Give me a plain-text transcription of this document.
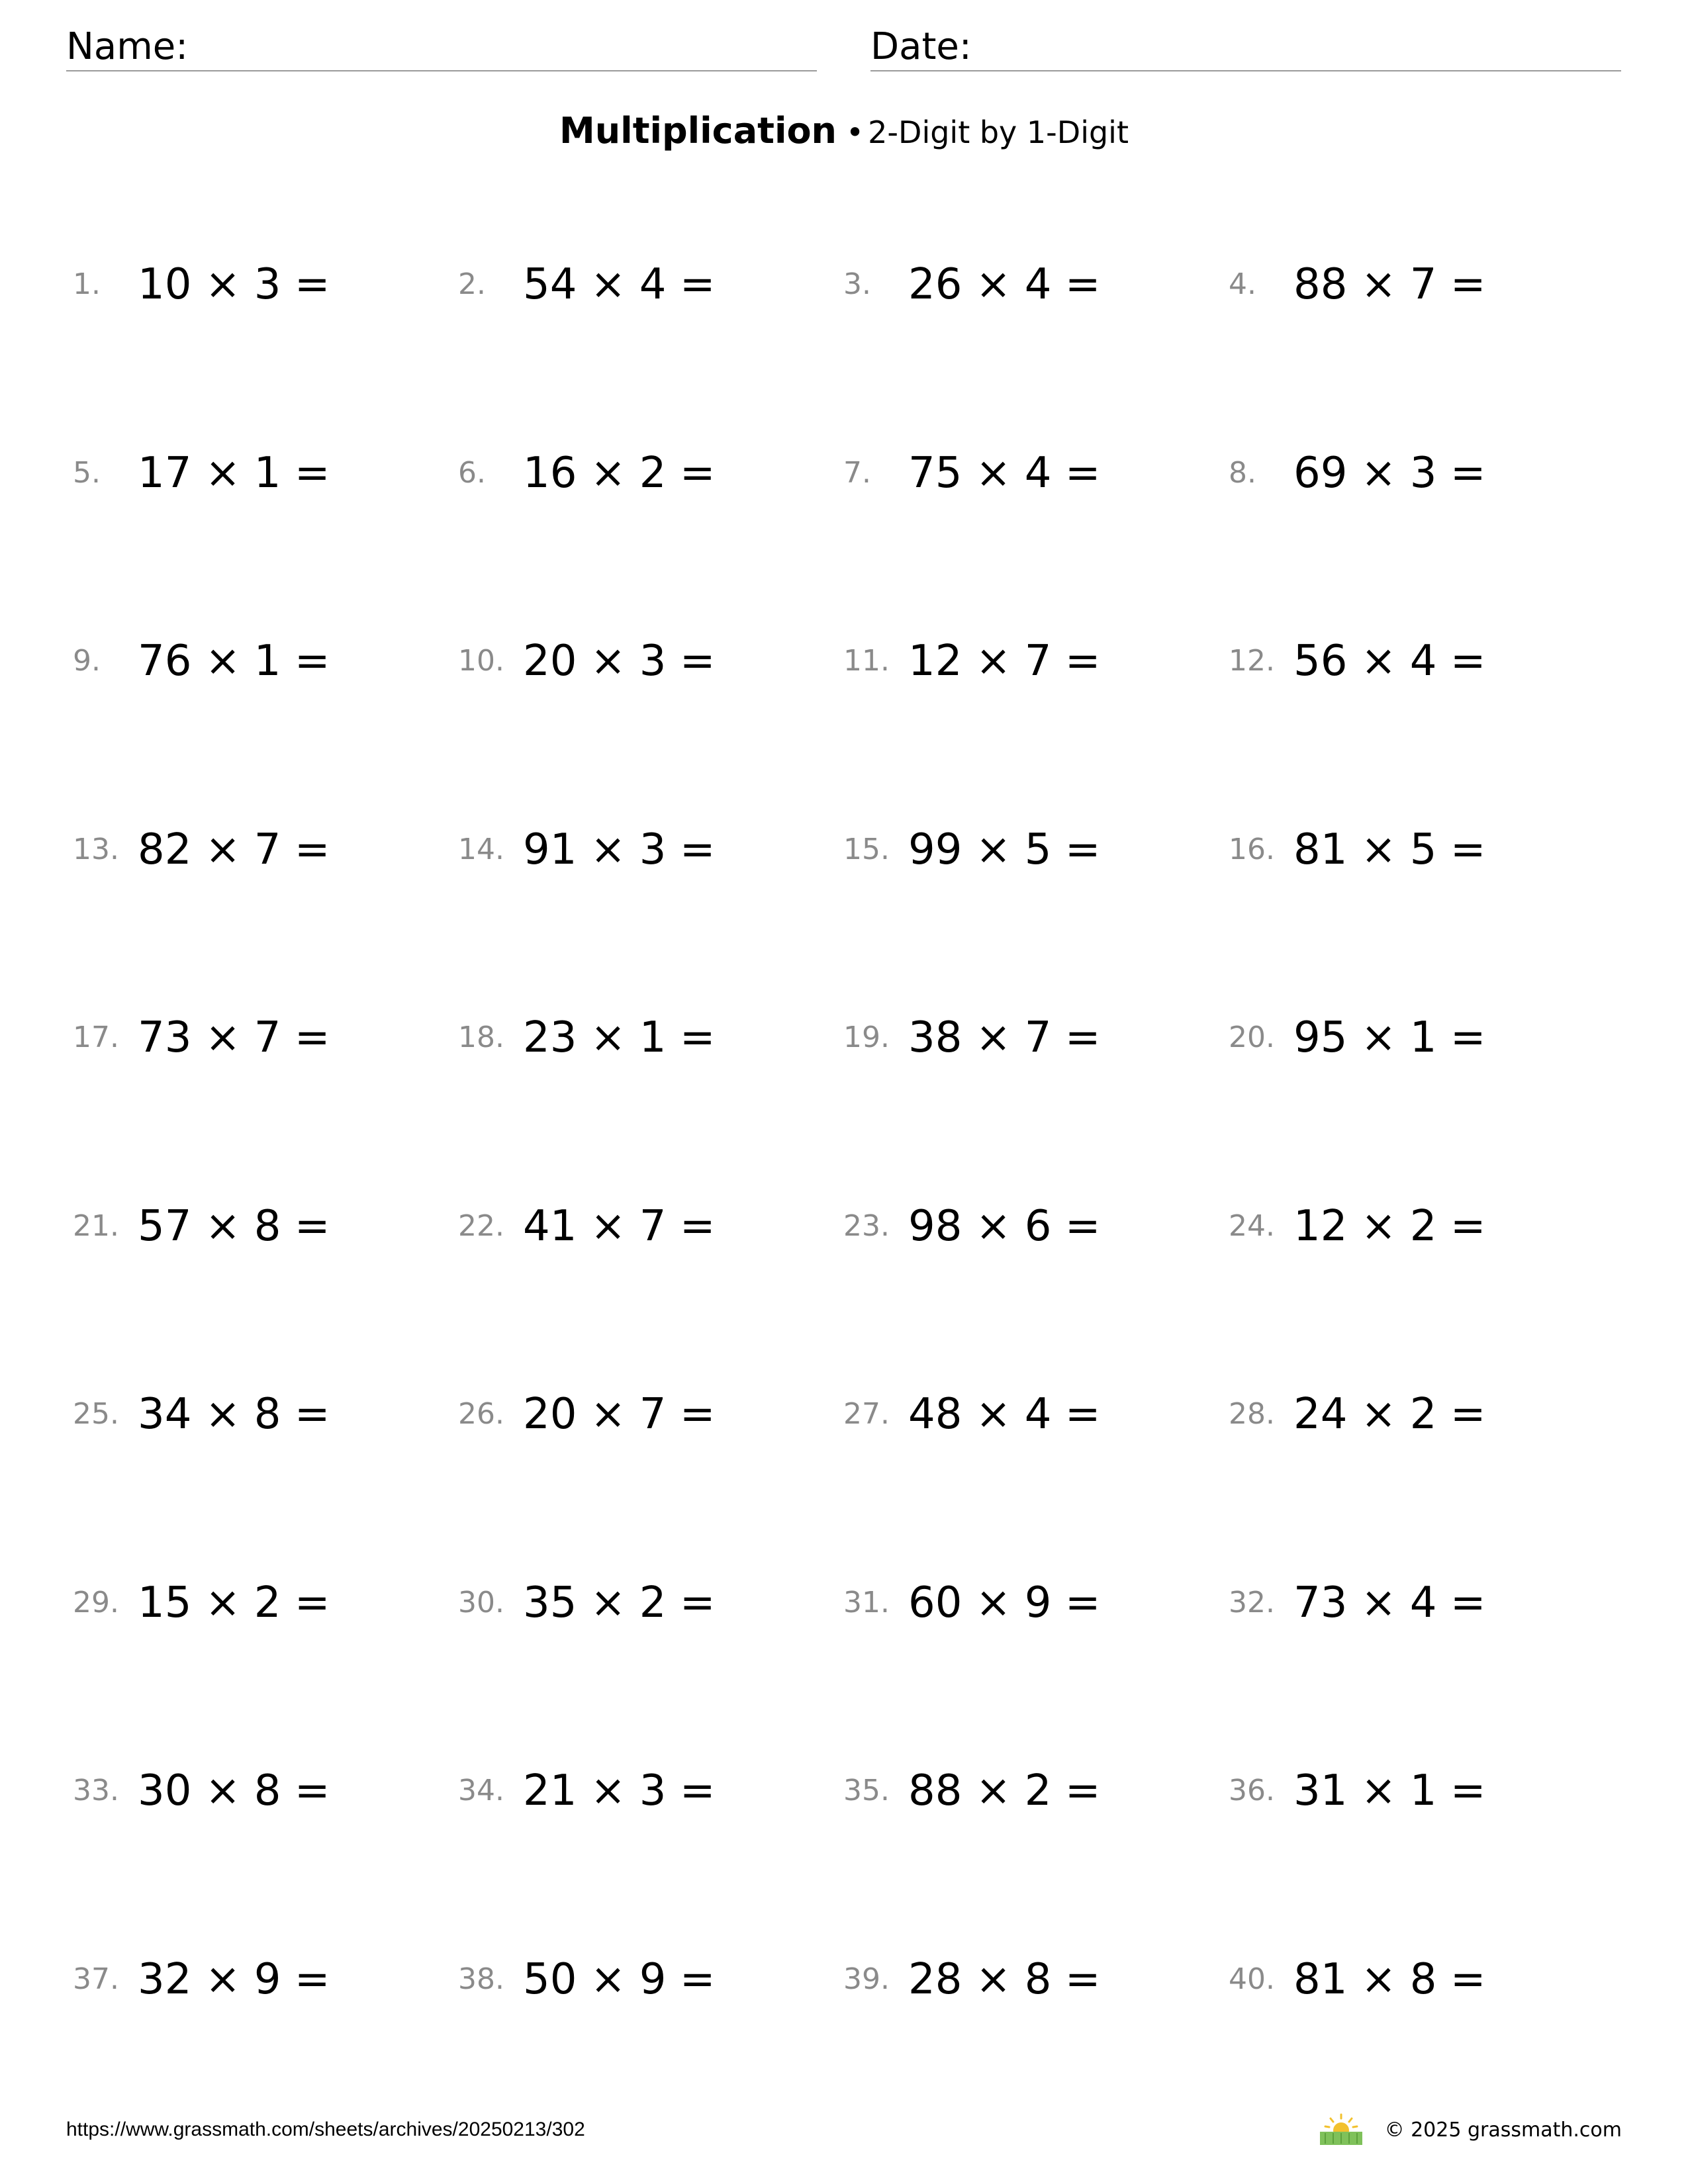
Name:	Date:
Multiplication • 2-Digit by 1-Digit
1. 10 × 3 =	2. 54 × 4 =	3. 26 × 4 =	4. 88 × 7 =
5. 17 × 1 =	6. 16 × 2 =	7. 75 × 4 =	8. 69 × 3 =
9. 76 × 1 =	10. 20 × 3 =	11. 12 × 7 =	12. 56 × 4 =
13. 82 × 7 =	14. 91 × 3 =	15. 99 × 5 =	16. 81 × 5 =
17. 73 × 7 =	18. 23 × 1 =	19. 38 × 7 =	20. 95 × 1 =
21. 57 × 8 =	22. 41 × 7 =	23. 98 × 6 =	24. 12 × 2 =
25. 34 × 8 =	26. 20 × 7 =	27. 48 × 4 =	28. 24 × 2 =
29. 15 × 2 =	30. 35 × 2 =	31. 60 × 9 =	32. 73 × 4 =
33. 30 × 8 =	34. 21 × 3 =	35. 88 × 2 =	36. 31 × 1 =
37. 32 × 9 =	38. 50 × 9 =	39. 28 × 8 =	40. 81 × 8 =
https://www.grassmath.com/sheets/archives/20250213/302	© 2025 grassmath.com
